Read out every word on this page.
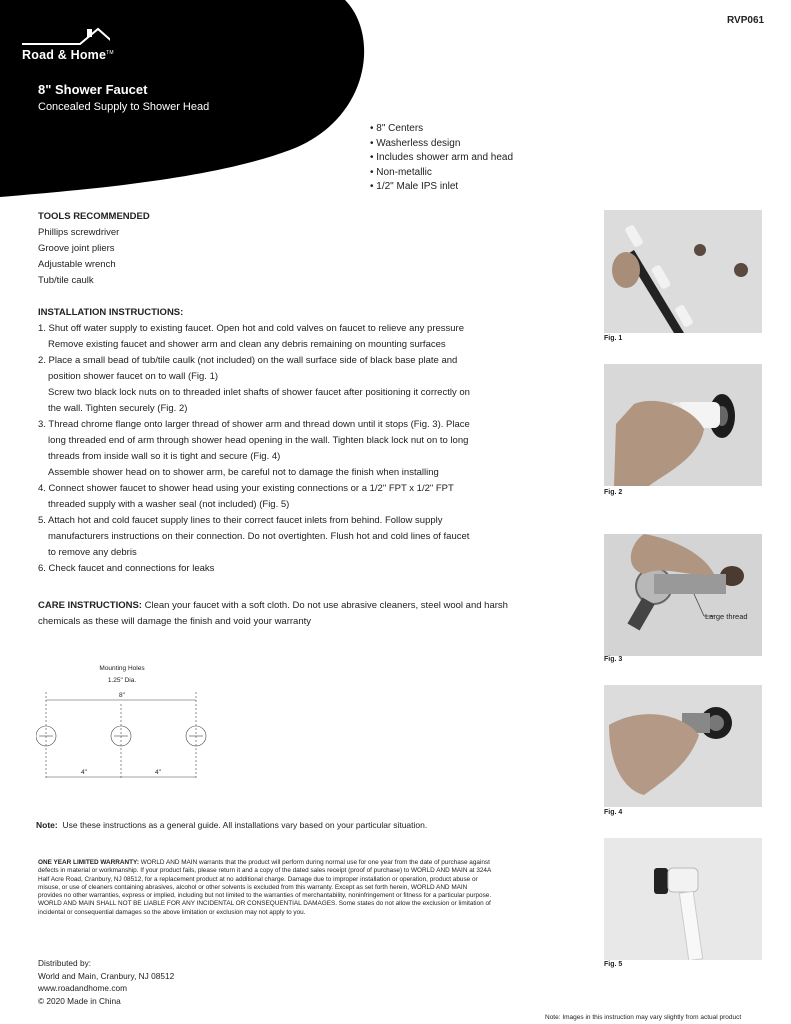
Road & Home™
8" Shower Faucet
Concealed Supply to Shower Head
RVP061
• 8" Centers
• Washerless design
• Includes shower arm and head
• Non-metallic
• 1/2" Male IPS inlet
TOOLS RECOMMENDED
Phillips screwdriver
Groove joint pliers
Adjustable wrench
Tub/tile caulk
INSTALLATION INSTRUCTIONS:
1. Shut off water supply to existing faucet. Open hot and cold valves on faucet to relieve any pressure
Remove existing faucet and shower arm and clean any debris remaining on mounting surfaces
2. Place a small bead of tub/tile caulk (not included) on the wall surface side of black base plate and
position shower faucet on to wall (Fig. 1)
Screw two black lock nuts on to threaded inlet shafts of shower faucet after positioning it correctly on
the wall. Tighten securely (Fig. 2)
3. Thread chrome flange onto larger thread of shower arm and thread down until it stops (Fig. 3). Place
long threaded end of arm through shower head opening in the wall. Tighten black lock nut on to long
threads from inside wall so it is tight and secure (Fig. 4)
Assemble shower head on to shower arm, be careful not to damage the finish when installing
4. Connect shower faucet to shower head using your existing connections or a 1/2" FPT x 1/2" FPT
threaded supply with a washer seal (not included) (Fig. 5)
5. Attach hot and cold faucet supply lines to their correct faucet inlets from behind. Follow supply
manufacturers instructions on their connection. Do not overtighten. Flush hot and cold lines of faucet
to remove any debris
6. Check faucet and connections for leaks
CARE INSTRUCTIONS: Clean your faucet with a soft cloth. Do not use abrasive cleaners, steel wool and harsh chemicals as these will damage the finish and void your warranty
Mounting Holes
1.25" Dia.
8"
4"	4"
Note: Use these instructions as a general guide. All installations vary based on your particular situation.
ONE YEAR LIMITED WARRANTY: WORLD AND MAIN warrants that the product will perform during normal use for one year from the date of purchase against defects in material or workmanship. If your product fails, please return it and a copy of the dated sales receipt (proof of purchase) to WORLD AND MAIN at 324A Half Acre Road, Cranbury, NJ 08512, for a replacement product at no additional charge. Damage due to improper installation or operation, product abuse or misuse, or use of cleaners containing abrasives, alcohol or other solvents is excluded from this warranty. Except as set forth herein, WORLD AND MAIN provides no other warranties, express or implied, including but not limited to the warranties of merchantability, noninfringement or fitness for a particular purpose. WORLD AND MAIN SHALL NOT BE LIABLE FOR ANY INCIDENTAL OR CONSEQUENTIAL DAMAGES. Some states do not allow the exclusion or limitation of incidental or consequential damages so the above limitation or exclusion may not apply to you.
Distributed by:
World and Main, Cranbury, NJ 08512
www.roadandhome.com
© 2020 Made in China
Fig. 1
Fig. 2
Large thread
Fig. 3
Fig. 4
Fig. 5
Note: Images in this instruction may vary slightly from actual product
